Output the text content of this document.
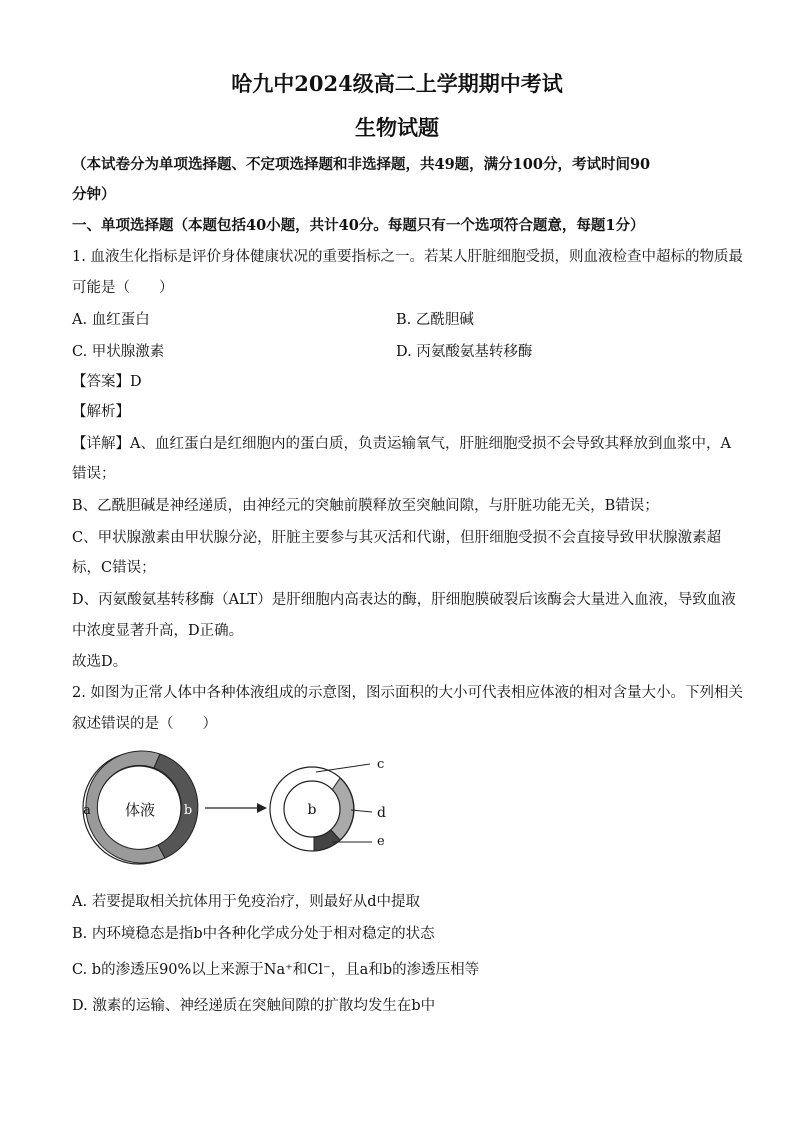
哈九中2024级高二上学期期中考试
生物试题
（本试卷分为单项选择题、不定项选择题和非选择题，共49题，满分100分，考试时间90
分钟）
一、单项选择题（本题包括40小题，共计40分。每题只有一个选项符合题意，每题1分）
1. 血液生化指标是评价身体健康状况的重要指标之一。若某人肝脏细胞受损，则血液检查中超标的物质最
可能是（　　）
A. 血红蛋白	B. 乙酰胆碱
C. 甲状腺激素	D. 丙氨酸氨基转移酶
【答案】D
【解析】
【详解】A、血红蛋白是红细胞内的蛋白质，负责运输氧气，肝脏细胞受损不会导致其释放到血浆中，A
错误；
B、乙酰胆碱是神经递质，由神经元的突触前膜释放至突触间隙，与肝脏功能无关，B错误；
C、甲状腺激素由甲状腺分泌，肝脏主要参与其灭活和代谢，但肝细胞受损不会直接导致甲状腺激素超
标，C错误；
D、丙氨酸氨基转移酶（ALT）是肝细胞内高表达的酶，肝细胞膜破裂后该酶会大量进入血液，导致血液
中浓度显著升高，D正确。
故选D。
2. 如图为正常人体中各种体液组成的示意图，图示面积的大小可代表相应体液的相对含量大小。下列相关
叙述错误的是（　　）
体液
a	b	b
c
d
e
A. 若要提取相关抗体用于免疫治疗，则最好从d中提取
B. 内环境稳态是指b中各种化学成分处于相对稳定的状态
C. b的渗透压90%以上来源于Na⁺和Cl⁻，且a和b的渗透压相等
D. 激素的运输、神经递质在突触间隙的扩散均发生在b中
